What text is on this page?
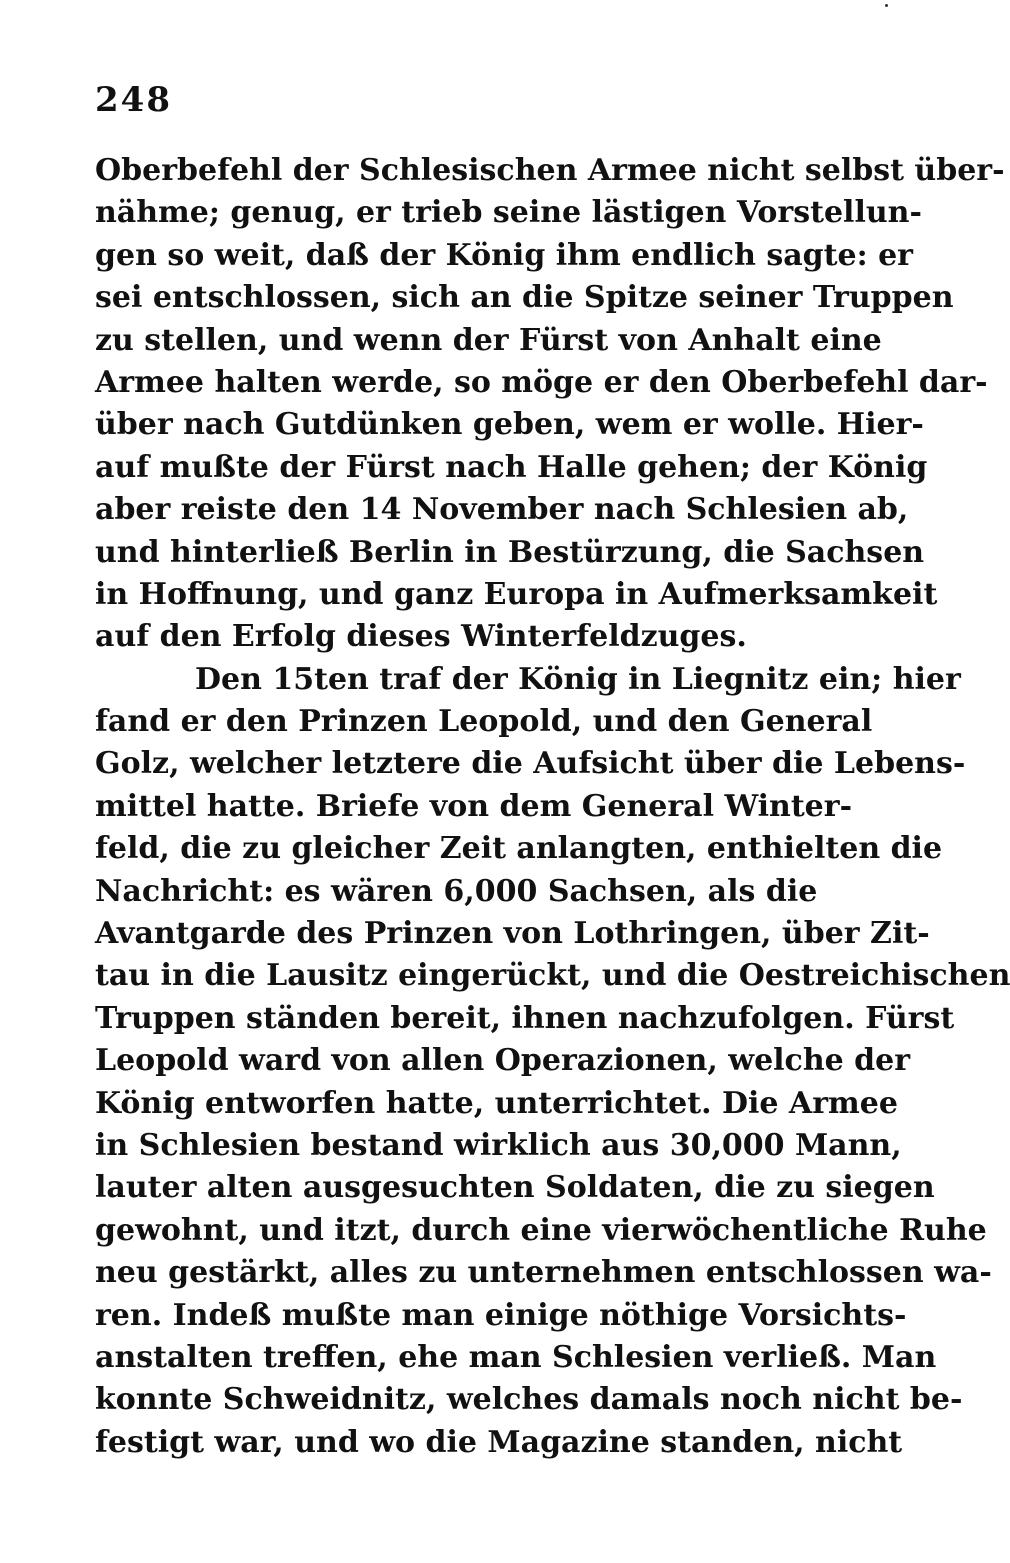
248
Oberbefehl der Schlesischen Armee nicht selbst über-
nähme; genug, er trieb seine lästigen Vorstellun-
gen so weit, daß der König ihm endlich sagte: er
sei entschlossen, sich an die Spitze seiner Truppen
zu stellen, und wenn der Fürst von Anhalt eine
Armee halten werde, so möge er den Oberbefehl dar-
über nach Gutdünken geben, wem er wolle. Hier-
auf mußte der Fürst nach Halle gehen; der König
aber reiste den 14 November nach Schlesien ab,
und hinterließ Berlin in Bestürzung, die Sachsen
in Hoffnung, und ganz Europa in Aufmerksamkeit
auf den Erfolg dieses Winterfeldzuges.
Den 15ten traf der König in Liegnitz ein; hier
fand er den Prinzen Leopold, und den General
Golz, welcher letztere die Aufsicht über die Lebens-
mittel hatte. Briefe von dem General Winter-
feld, die zu gleicher Zeit anlangten, enthielten die
Nachricht: es wären 6,000 Sachsen, als die
Avantgarde des Prinzen von Lothringen, über Zit-
tau in die Lausitz eingerückt, und die Oestreichischen
Truppen ständen bereit, ihnen nachzufolgen. Fürst
Leopold ward von allen Operazionen, welche der
König entworfen hatte, unterrichtet. Die Armee
in Schlesien bestand wirklich aus 30,000 Mann,
lauter alten ausgesuchten Soldaten, die zu siegen
gewohnt, und itzt, durch eine vierwöchentliche Ruhe
neu gestärkt, alles zu unternehmen entschlossen wa-
ren. Indeß mußte man einige nöthige Vorsichts-
anstalten treffen, ehe man Schlesien verließ. Man
konnte Schweidnitz, welches damals noch nicht be-
festigt war, und wo die Magazine standen, nicht
